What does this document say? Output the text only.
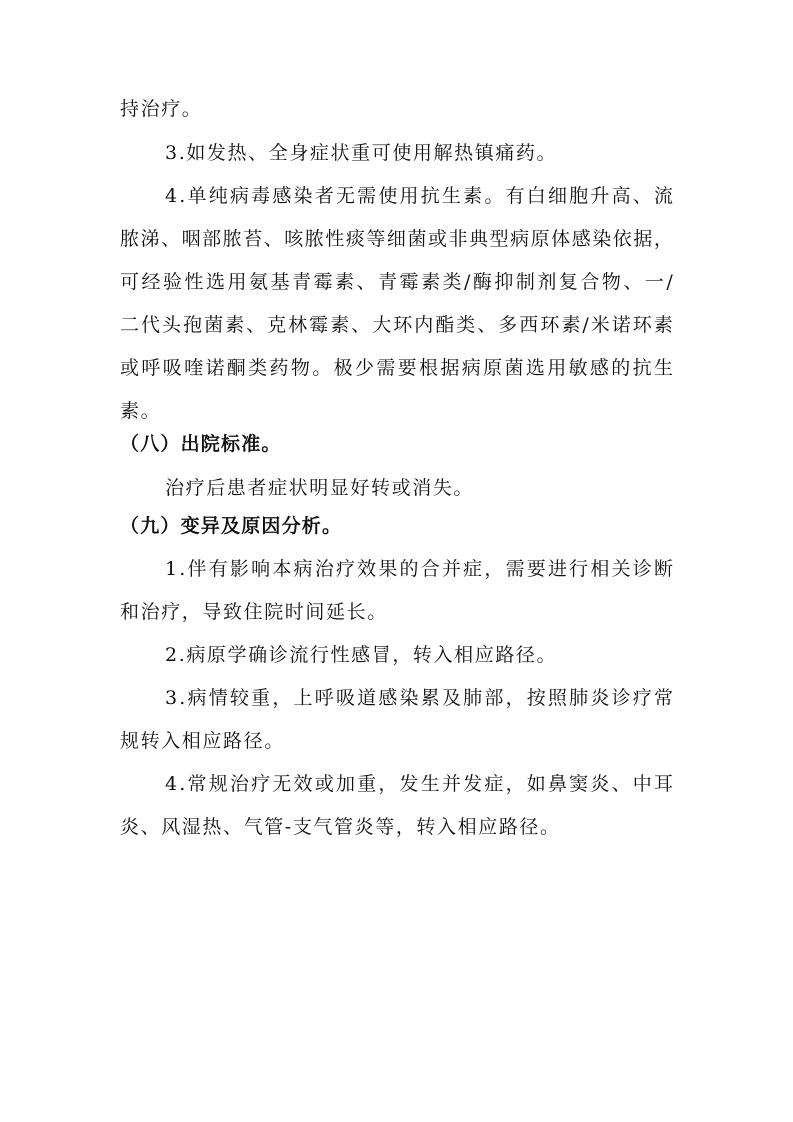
持治疗。
3.如发热、全身症状重可使用解热镇痛药。
4 . 单 纯 病 毒 感 染 者 无 需 使 用 抗 生 素 。 有 白 细 胞 升 高 、 流
脓 涕 、 咽 部 脓 苔 、 咳 脓 性 痰 等 细 菌 或 非 典 型 病 原 体 感 染 依 据 ，
可 经 验 性 选 用 氨 基 青 霉 素 、 青 霉 素 类 / 酶 抑 制 剂 复 合 物 、 一 /
二 代 头 孢 菌 素 、 克 林 霉 素 、 大 环 内 酯 类 、 多 西 环 素 / 米 诺 环 素
或 呼 吸 喹 诺 酮 类 药 物 。 极 少 需 要 根 据 病 原 菌 选 用 敏 感 的 抗 生
素。
（八）出院标准。
治疗后患者症状明显好转或消失。
（九）变异及原因分析。
1 . 伴 有 影 响 本 病 治 疗 效 果 的 合 并 症 ， 需 要 进 行 相 关 诊 断
和治疗，导致住院时间延长。
2.病原学确诊流行性感冒，转入相应路径。
3 . 病 情 较 重 ， 上 呼 吸 道 感 染 累 及 肺 部 ， 按 照 肺 炎 诊 疗 常
规转入相应路径。
4 . 常 规 治 疗 无 效 或 加 重 ， 发 生 并 发 症 ， 如 鼻 窦 炎 、 中 耳
炎、风湿热、气管-支气管炎等，转入相应路径。
